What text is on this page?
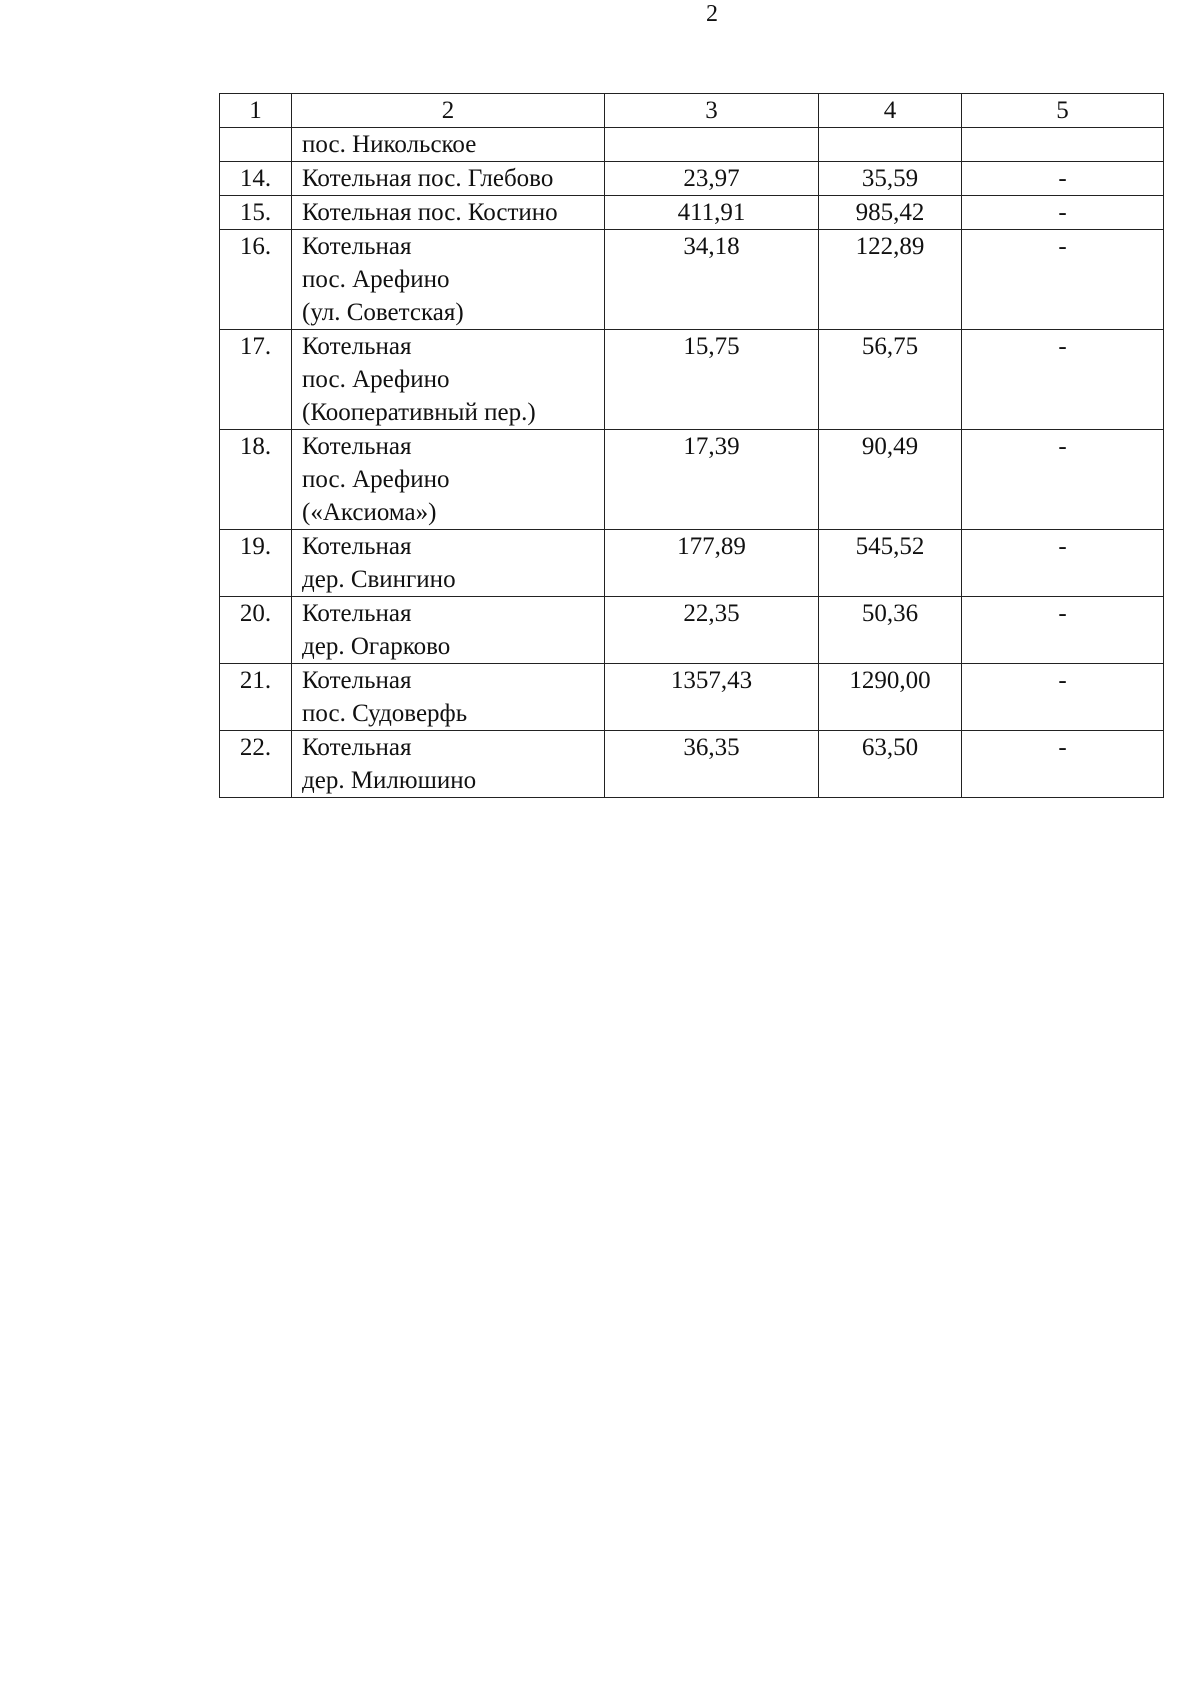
2
1	2	3	4	5
	пос. Никольское			
14.	Котельная пос. Глебово	23,97	35,59	-
15.	Котельная пос. Костино	411,91	985,42	-
16.	Котельная
пос. Арефино
(ул. Советская)	34,18	122,89	-
17.	Котельная
пос. Арефино
(Кооперативный пер.)	15,75	56,75	-
18.	Котельная
пос. Арефино
(«Аксиома»)	17,39	90,49	-
19.	Котельная
дер. Свингино	177,89	545,52	-
20.	Котельная
дер. Огарково	22,35	50,36	-
21.	Котельная
пос. Судоверфь	1357,43	1290,00	-
22.	Котельная
дер. Милюшино	36,35	63,50	-
